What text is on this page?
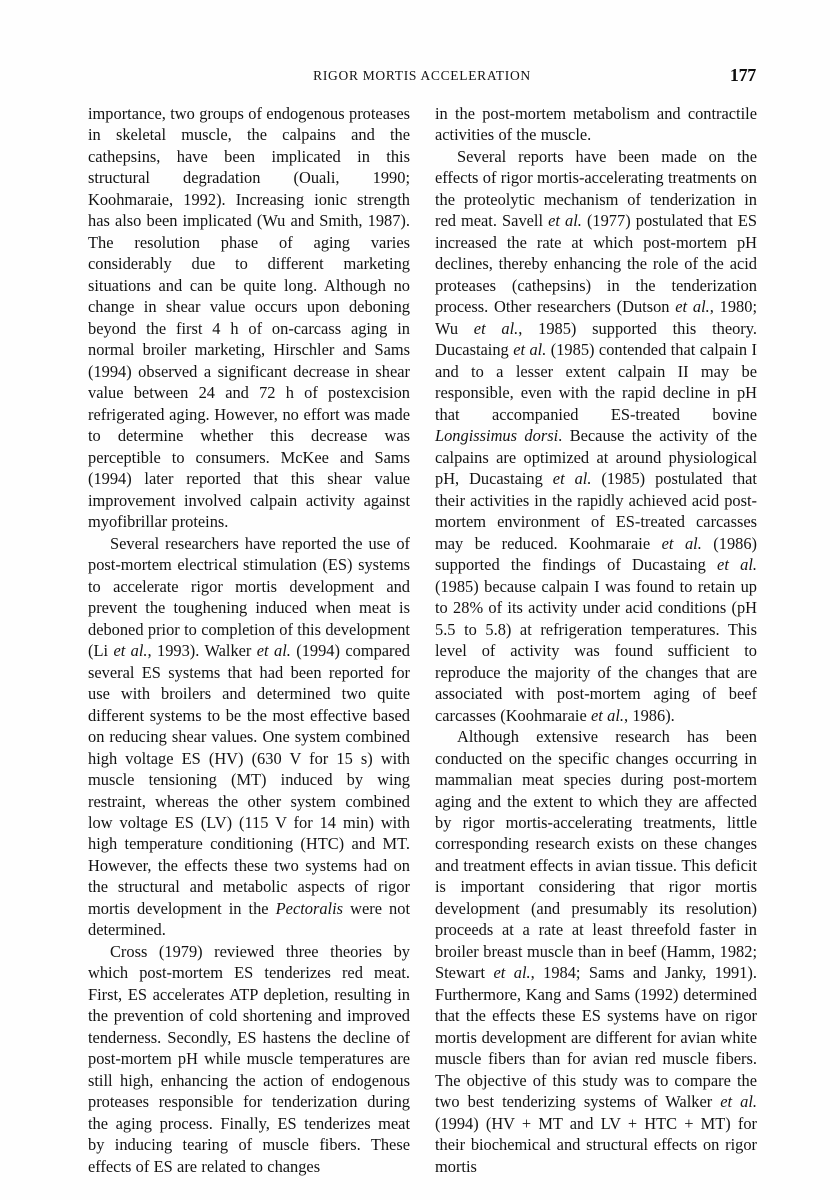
RIGOR MORTIS ACCELERATION	177

importance, two groups of endogenous proteases in skeletal muscle, the calpains and the cathepsins, have been implicated in this structural degradation (Ouali, 1990; Koohmaraie, 1992). Increasing ionic strength has also been implicated (Wu and Smith, 1987). The resolution phase of aging varies considerably due to different marketing situations and can be quite long. Although no change in shear value occurs upon deboning beyond the first 4 h of on-carcass aging in normal broiler marketing, Hirschler and Sams (1994) observed a significant decrease in shear value between 24 and 72 h of postexcision refrigerated aging. However, no effort was made to determine whether this decrease was perceptible to consumers. McKee and Sams (1994) later reported that this shear value improvement involved calpain activity against myofibrillar proteins.

Several researchers have reported the use of post-mortem electrical stimulation (ES) systems to accelerate rigor mortis development and prevent the toughening induced when meat is deboned prior to completion of this development (Li et al., 1993). Walker et al. (1994) compared several ES systems that had been reported for use with broilers and determined two quite different systems to be the most effective based on reducing shear values. One system combined high voltage ES (HV) (630 V for 15 s) with muscle tensioning (MT) induced by wing restraint, whereas the other system combined low voltage ES (LV) (115 V for 14 min) with high temperature conditioning (HTC) and MT. However, the effects these two systems had on the structural and metabolic aspects of rigor mortis development in the Pectoralis were not determined.

Cross (1979) reviewed three theories by which post-mortem ES tenderizes red meat. First, ES accelerates ATP depletion, resulting in the prevention of cold shortening and improved tenderness. Secondly, ES hastens the decline of post-mortem pH while muscle temperatures are still high, enhancing the action of endogenous proteases responsible for tenderization during the aging process. Finally, ES tenderizes meat by inducing tearing of muscle fibers. These effects of ES are related to changes

in the post-mortem metabolism and contractile activities of the muscle.

Several reports have been made on the effects of rigor mortis-accelerating treatments on the proteolytic mechanism of tenderization in red meat. Savell et al. (1977) postulated that ES increased the rate at which post-mortem pH declines, thereby enhancing the role of the acid proteases (cathepsins) in the tenderization process. Other researchers (Dutson et al., 1980; Wu et al., 1985) supported this theory. Ducastaing et al. (1985) contended that calpain I and to a lesser extent calpain II may be responsible, even with the rapid decline in pH that accompanied ES-treated bovine Longissimus dorsi. Because the activity of the calpains are optimized at around physiological pH, Ducastaing et al. (1985) postulated that their activities in the rapidly achieved acid post-mortem environment of ES-treated carcasses may be reduced. Koohmaraie et al. (1986) supported the findings of Ducastaing et al. (1985) because calpain I was found to retain up to 28% of its activity under acid conditions (pH 5.5 to 5.8) at refrigeration temperatures. This level of activity was found sufficient to reproduce the majority of the changes that are associated with post-mortem aging of beef carcasses (Koohmaraie et al., 1986).

Although extensive research has been conducted on the specific changes occurring in mammalian meat species during post-mortem aging and the extent to which they are affected by rigor mortis-accelerating treatments, little corresponding research exists on these changes and treatment effects in avian tissue. This deficit is important considering that rigor mortis development (and presumably its resolution) proceeds at a rate at least threefold faster in broiler breast muscle than in beef (Hamm, 1982; Stewart et al., 1984; Sams and Janky, 1991). Furthermore, Kang and Sams (1992) determined that the effects these ES systems have on rigor mortis development are different for avian white muscle fibers than for avian red muscle fibers. The objective of this study was to compare the two best tenderizing systems of Walker et al. (1994) (HV + MT and LV + HTC + MT) for their biochemical and structural effects on rigor mortis
